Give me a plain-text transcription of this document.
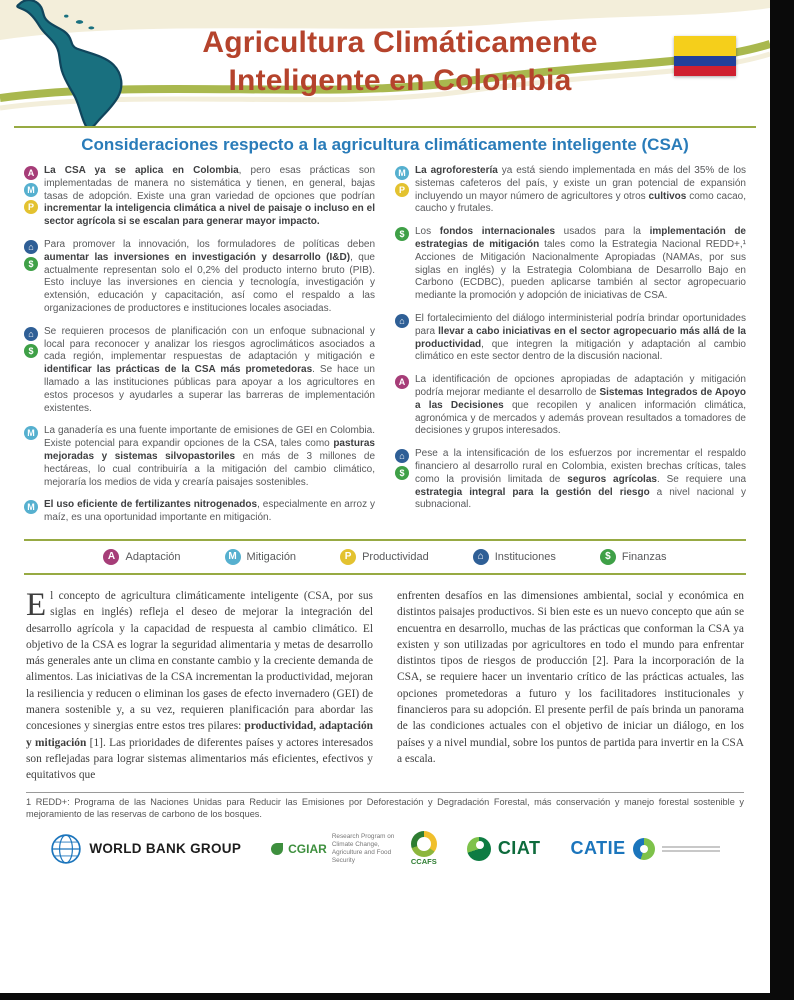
Agricultura Climáticamente
Inteligente en Colombia
Consideraciones respecto a la agricultura climáticamente inteligente (CSA)
A
M
P

La CSA ya se aplica en Colombia, pero esas prácticas son implementadas de manera no sistemática y tienen, en general, bajas tasas de adopción. Existe una gran variedad de opciones que podrían incrementar la inteligencia climática a nivel de paisaje o incluso en el sector agrícola si se escalan para generar mayor impacto.

⌂
$

Para promover la innovación, los formuladores de políticas deben aumentar las inversiones en investigación y desarrollo (I&D), que actualmente representan solo el 0,2% del producto interno bruto (PIB). Esto incluye las inversiones en ciencia y tecnología, investigación y extensión, educación y capacitación, así como el respaldo a las organizaciones de productores e instituciones locales asociadas.

⌂
$

Se requieren procesos de planificación con un enfoque subnacional y local para reconocer y analizar los riesgos agroclimáticos asociados a cada región, implementar respuestas de adaptación y mitigación e identificar las prácticas de la CSA más prometedoras. Se hace un llamado a las instituciones públicas para apoyar a los agricultores en estos procesos y ayudarles a superar las barreras de implementación existentes.

M La ganadería es una fuente importante de emisiones de GEI en Colombia. Existe potencial para expandir opciones de la CSA, tales como pasturas mejoradas y sistemas silvopastoriles en más de 3 millones de hectáreas, lo cual contribuiría a la mitigación del cambio climático, mejoraría los medios de vida y crearía paisajes sostenibles.

M El uso eficiente de fertilizantes nitrogenados, especialmente en arroz y maíz, es una oportunidad importante en mitigación.

M
P

La agroforestería ya está siendo implementada en más del 35% de los sistemas cafeteros del país, y existe un gran potencial de expansión incluyendo un mayor número de agricultores y otros cultivos como cacao, caucho y frutales.

$	Los fondos internacionales usados para la implementación de estrategias de mitigación tales como la Estrategia Nacional REDD+,¹ Acciones de Mitigación Nacionalmente Apropiadas (NAMAs, por sus siglas en inglés) y la Estrategia Colombiana de Desarrollo Bajo en Carbono (ECDBC), pueden aplicarse también al sector agropecuario mediante la promoción y adopción de iniciativas de CSA.

⌂	El fortalecimiento del diálogo interministerial podría brindar oportunidades para llevar a cabo iniciativas en el sector agropecuario más allá de la productividad, que integren la mitigación y adaptación al cambio climático en este sector dentro de la discusión nacional.

A La identificación de opciones apropiadas de adaptación y mitigación podría mejorar mediante el desarrollo de Sistemas Integrados de Apoyo a las Decisiones que recopilen y analicen información climática, agronómica y de mercados y además provean resultados a tomadores de decisiones y grupos interesados.

⌂
$

Pese a la intensificación de los esfuerzos por incrementar el respaldo financiero al desarrollo rural en Colombia, existen brechas críticas, tales como la provisión limitada de seguros agrícolas. Se requiere una estrategia integral para la gestión del riesgo a nivel nacional y subnacional.

A Adaptación	M Mitigación	P Productividad	⌂ Instituciones	$	Finanzas

El concepto de agricultura climáticamente inteligente (CSA, por sus siglas en inglés) refleja el deseo de mejorar la integración del desarrollo agrícola y la capacidad de respuesta al cambio climático. El objetivo de la CSA es lograr la seguridad alimentaria y metas de desarrollo más generales ante un clima en constante cambio y la creciente demanda de alimentos. Las iniciativas de la CSA incrementan la productividad, mejoran la resiliencia y reducen o eliminan los gases de efecto invernadero (GEI) de manera sostenible y, a su vez, requieren planificación para abordar las concesiones y sinergias entre estos tres pilares: productividad, adaptación y mitigación [1]. Las prioridades de diferentes países y actores interesados son reflejadas para lograr sistemas alimentarios más eficientes, efectivos y equitativos que

enfrenten desafíos en las dimensiones ambiental, social y económica en distintos paisajes productivos. Si bien este es un nuevo concepto que aún se encuentra en desarrollo, muchas de las prácticas que conforman la CSA ya existen y son utilizadas por agricultores en todo el mundo para enfrentar distintos tipos de riesgos de producción [2]. Para la incorporación de la CSA, se requiere hacer un inventario crítico de las prácticas actuales, las opciones prometedoras a futuro y los facilitadores institucionales y financieros para su adopción. El presente perfil de país brinda un panorama de las condiciones actuales con el objetivo de iniciar un diálogo, en los países y a nivel mundial, sobre los puntos de partida para invertir en la CSA a escala.

1 REDD+: Programa de las Naciones Unidas para Reducir las Emisiones por Deforestación y Degradación Forestal, más conservación y manejo forestal sostenible y mejoramiento de las reservas de carbono de los bosques.
WORLD BANK GROUP	CGIAR
Research Program on Climate Change, Agriculture and Food Security	CCAFS
CIAT CATIE
